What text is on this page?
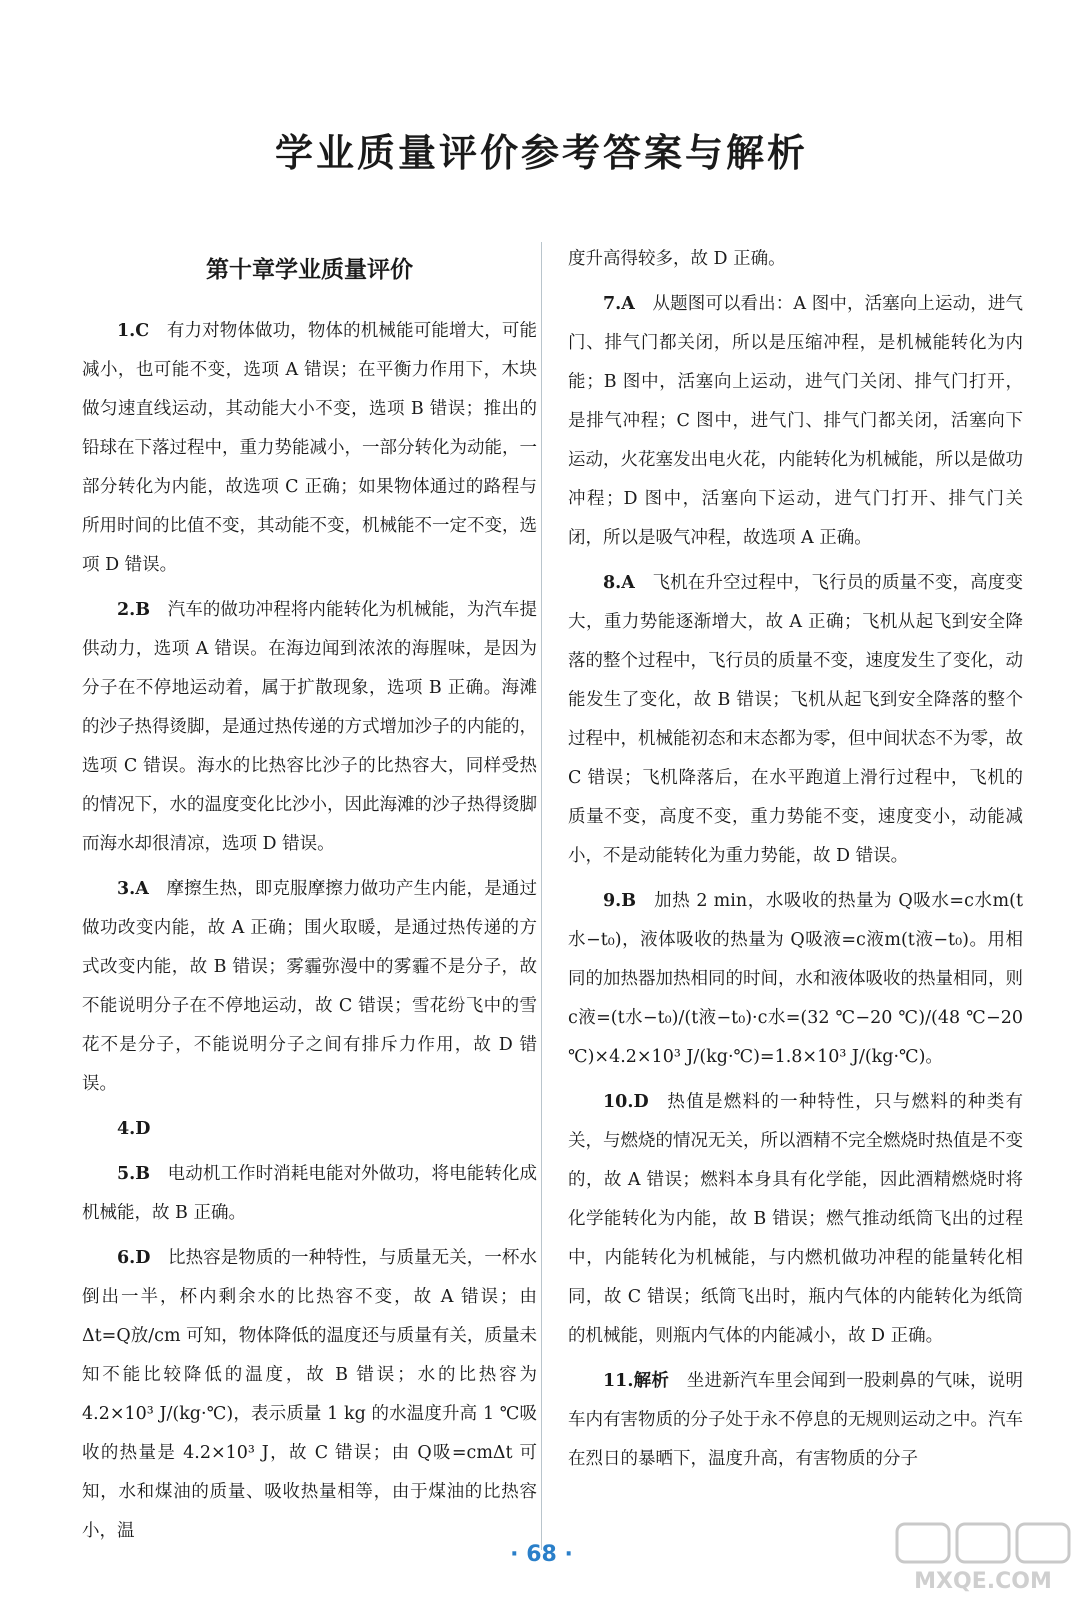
学业质量评价参考答案与解析
第十章学业质量评价

1.C  有力对物体做功，物体的机械能可能增大，可能减小，也可能不变，选项 A 错误；在平衡力作用下，木块做匀速直线运动，其动能大小不变，选项 B 错误；推出的铅球在下落过程中，重力势能减小，一部分转化为动能，一部分转化为内能，故选项 C 正确；如果物体通过的路程与所用时间的比值不变，其动能不变，机械能不一定不变，选项 D 错误。

2.B  汽车的做功冲程将内能转化为机械能，为汽车提供动力，选项 A 错误。在海边闻到浓浓的海腥味，是因为分子在不停地运动着，属于扩散现象，选项 B 正确。海滩的沙子热得烫脚，是通过热传递的方式增加沙子的内能的，选项 C 错误。海水的比热容比沙子的比热容大，同样受热的情况下，水的温度变化比沙小，因此海滩的沙子热得烫脚而海水却很清凉，选项 D 错误。

3.A  摩擦生热，即克服摩擦力做功产生内能，是通过做功改变内能，故 A 正确；围火取暖，是通过热传递的方式改变内能，故 B 错误；雾霾弥漫中的雾霾不是分子，故不能说明分子在不停地运动，故 C 错误；雪花纷飞中的雪花不是分子，不能说明分子之间有排斥力作用，故 D 错误。

4.D 

5.B  电动机工作时消耗电能对外做功，将电能转化成机械能，故 B 正确。

6.D  比热容是物质的一种特性，与质量无关，一杯水倒出一半，杯内剩余水的比热容不变，故 A 错误；由 Δt=Q放/cm 可知，物体降低的温度还与质量有关，质量未知不能比较降低的温度，故 B 错误；水的比热容为 4.2×10³ J/(kg·℃)，表示质量 1 kg 的水温度升高 1 ℃吸收的热量是 4.2×10³ J，故 C 错误；由 Q吸=cmΔt 可知，水和煤油的质量、吸收热量相等，由于煤油的比热容小，温

度升高得较多，故 D 正确。

7.A  从题图可以看出：A 图中，活塞向上运动，进气门、排气门都关闭，所以是压缩冲程，是机械能转化为内能；B 图中，活塞向上运动，进气门关闭、排气门打开，是排气冲程；C 图中，进气门、排气门都关闭，活塞向下运动，火花塞发出电火花，内能转化为机械能，所以是做功冲程；D 图中，活塞向下运动，进气门打开、排气门关闭，所以是吸气冲程，故选项 A 正确。

8.A  飞机在升空过程中，飞行员的质量不变，高度变大，重力势能逐渐增大，故 A 正确；飞机从起飞到安全降落的整个过程中，飞行员的质量不变，速度发生了变化，动能发生了变化，故 B 错误；飞机从起飞到安全降落的整个过程中，机械能初态和末态都为零，但中间状态不为零，故 C 错误；飞机降落后，在水平跑道上滑行过程中，飞机的质量不变，高度不变，重力势能不变，速度变小，动能减小，不是动能转化为重力势能，故 D 错误。

9.B  加热 2 min，水吸收的热量为 Q吸水=c水m(t水−t₀)，液体吸收的热量为 Q吸液=c液m(t液−t₀)。用相同的加热器加热相同的时间，水和液体吸收的热量相同，则 c液=(t水−t₀)/(t液−t₀)·c水=(32 ℃−20 ℃)/(48 ℃−20 ℃)×4.2×10³ J/(kg·℃)=1.8×10³ J/(kg·℃)。

10.D  热值是燃料的一种特性，只与燃料的种类有关，与燃烧的情况无关，所以酒精不完全燃烧时热值是不变的，故 A 错误；燃料本身具有化学能，因此酒精燃烧时将化学能转化为内能，故 B 错误；燃气推动纸筒飞出的过程中，内能转化为机械能，与内燃机做功冲程的能量转化相同，故 C 错误；纸筒飞出时，瓶内气体的内能转化为纸筒的机械能，则瓶内气体的内能减小，故 D 正确。

11.解析  坐进新汽车里会闻到一股刺鼻的气味，说明车内有害物质的分子处于永不停息的无规则运动之中。汽车在烈日的暴晒下，温度升高，有害物质的分子

· 68 ·
MXQE.COM
